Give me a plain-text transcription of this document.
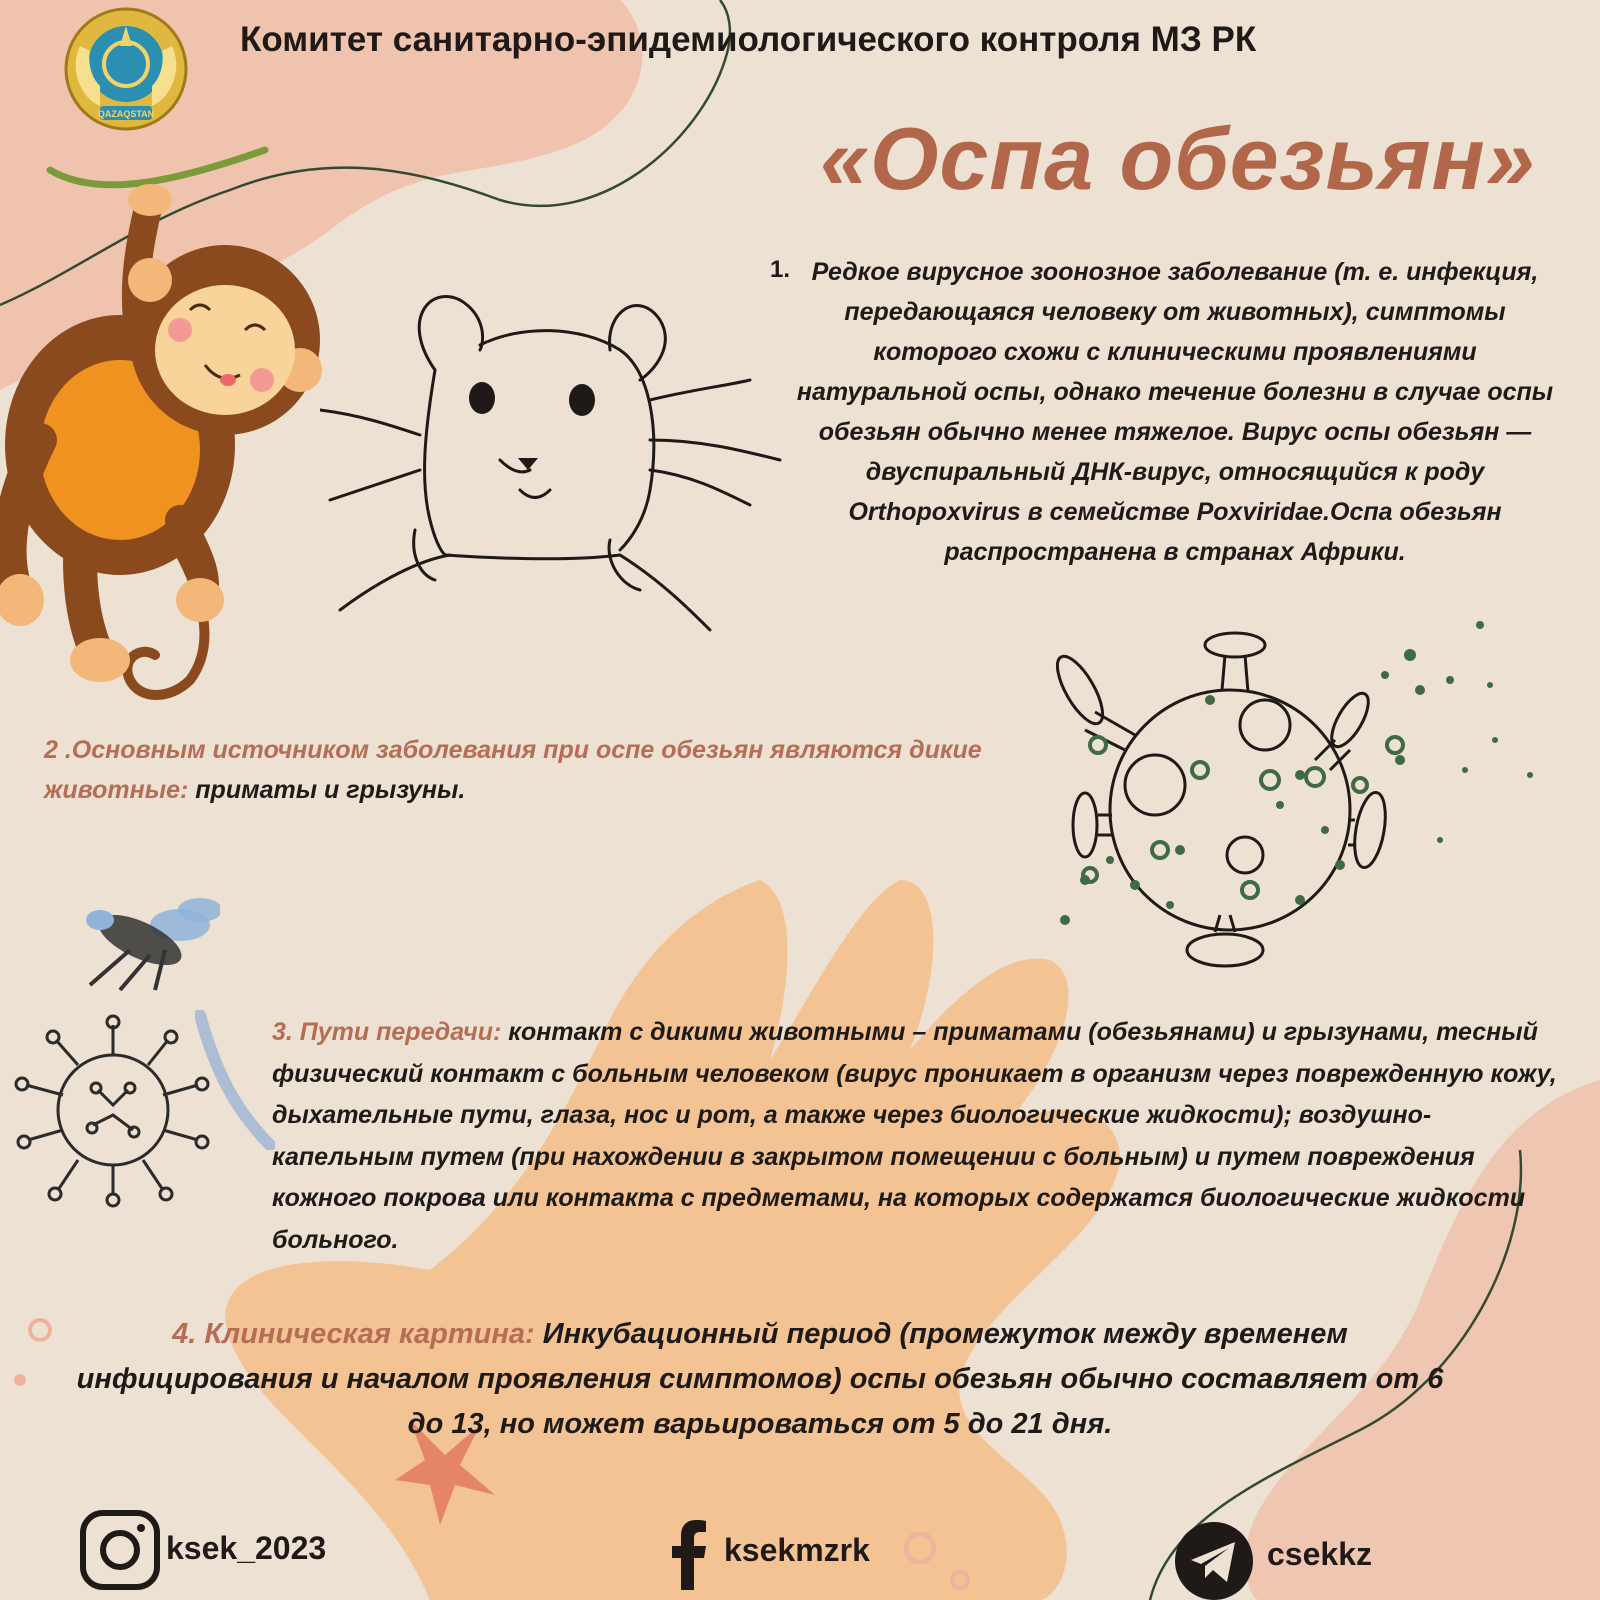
QAZAQSTAN
Комитет санитарно-эпидемиологического контроля МЗ РК
«Оспа обезьян»
1. Редкое вирусное зоонозное заболевание (т. е. инфекция, передающаяся человеку от животных), симптомы которого схожи с клиническими проявлениями натуральной оспы, однако течение болезни в случае оспы обезьян обычно менее тяжелое. Вирус оспы обезьян — двуспиральный ДНК-вирус, относящийся к роду Orthopoxvirus в семействе Poxviridae.Оспа обезьян распространена в странах Африки.
2 .Основным источником заболевания при оспе обезьян являются дикие животные: приматы и грызуны.
3. Пути передачи: контакт с дикими животными – приматами (обезьянами) и грызунами, тесный физический контакт с больным человеком (вирус проникает в организм через поврежденную кожу, дыхательные пути, глаза, нос и рот, а также через биологические жидкости); воздушно-капельным путем (при нахождении в закрытом помещении с больным) и путем повреждения кожного покрова или контакта с предметами, на которых содержатся биологические жидкости больного.
4. Клиническая картина: Инкубационный период (промежуток между временем инфицирования и началом проявления симптомов) оспы обезьян обычно составляет от 6 до 13, но может варьироваться от 5 до 21 дня.
ksek_2023	ksekmzrk	csekkz
